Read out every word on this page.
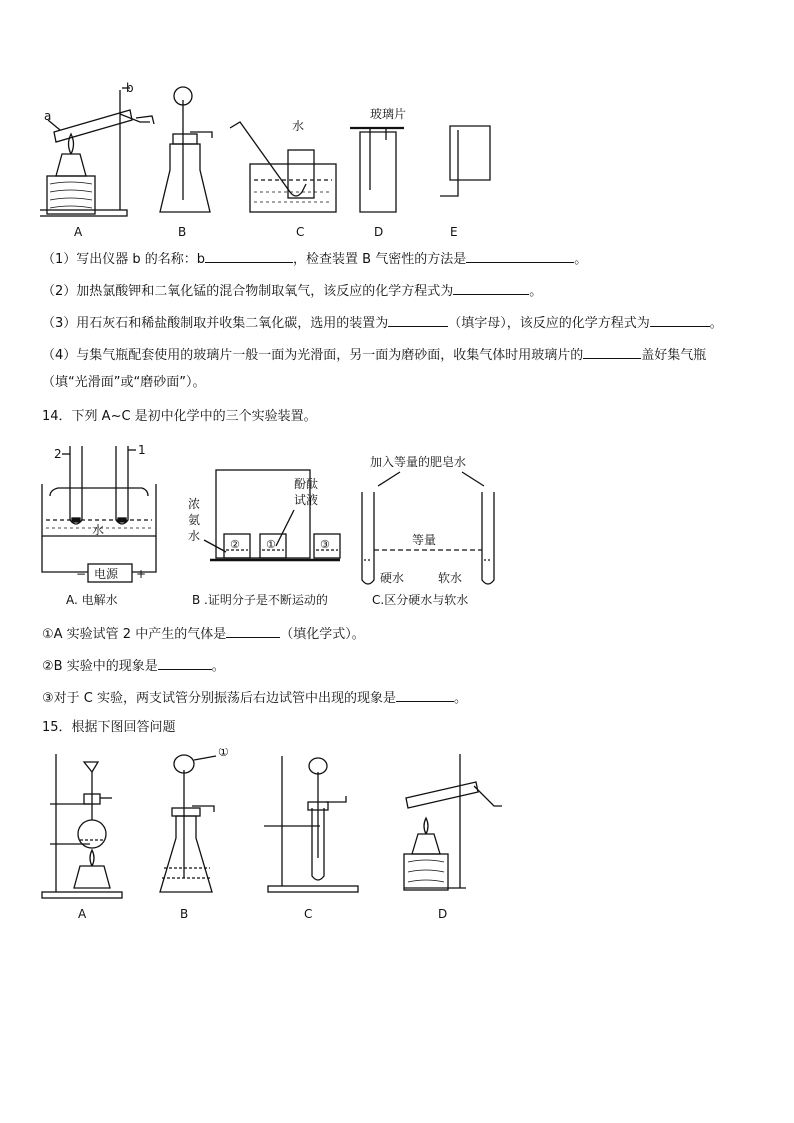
a
b
水
玻璃片
A	B	C	D	E
（1）写出仪器 b 的名称：b	，检查装置 B 气密性的方法是	。
（2）加热氯酸钾和二氧化锰的混合物制取氧气，该反应的化学方程式为	。
（3）用石灰石和稀盐酸制取并收集二氧化碳，选用的装置为	（填字母），该反应的化学方程式为	。
（4）与集气瓶配套使用的玻璃片一般一面为光滑面，另一面为磨砂面，收集气体时用玻璃片的	盖好集气瓶
（填“光滑面”或“磨砂面”）。
14．下列 A~C 是初中化学中的三个实验装置。
2	1
水
−	+
电源
A. 电解水
浓
氨
水
酚酞
试液
② ①	③
B .证明分子是不断运动的
加入等量的肥皂水
等量
硬水	软水
C.区分硬水与软水
①A 实验试管 2 中产生的气体是	（填化学式）。
②B 实验中的现象是	。
③对于 C 实验，两支试管分别振荡后右边试管中出现的现象是	。
15．根据下图回答问题
①
A	B	C	D
